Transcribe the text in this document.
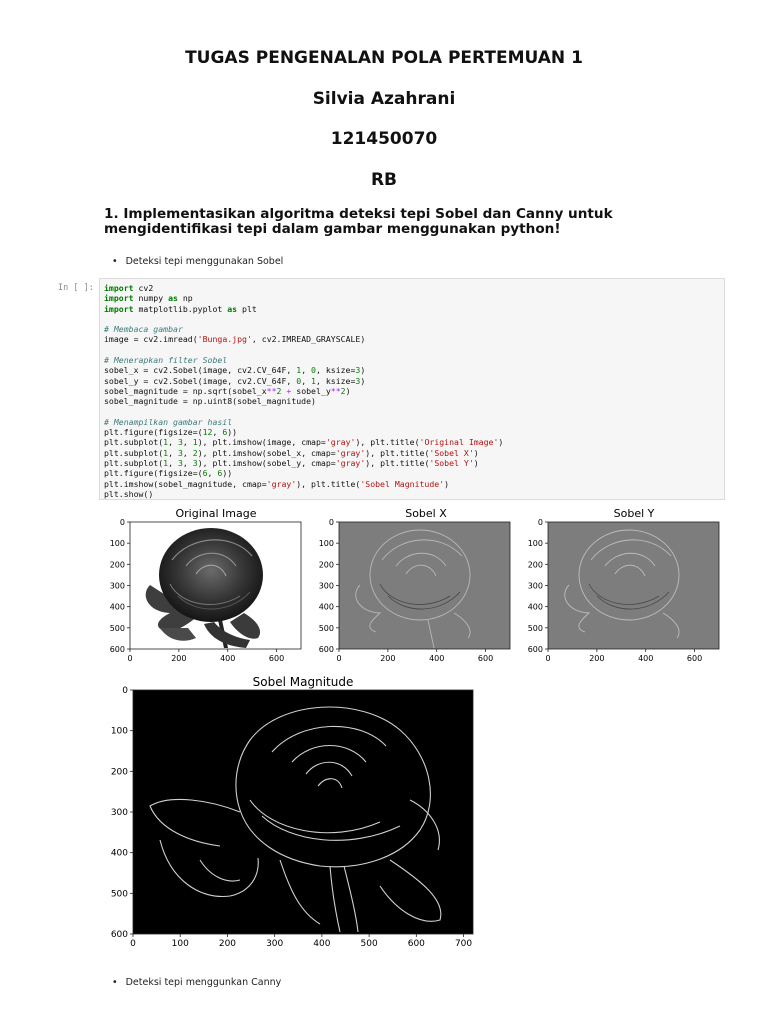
TUGAS PENGENALAN POLA PERTEMUAN 1
Silvia Azahrani
121450070
RB
1. Implementasikan algoritma deteksi tepi Sobel dan Canny untuk mengidentifikasi tepi dalam gambar menggunakan python!
• Deteksi tepi menggunakan Sobel
In [ ]:	import cv2
import numpy as np
import matplotlib.pyplot as plt

# Membaca gambar
image = cv2.imread('Bunga.jpg', cv2.IMREAD_GRAYSCALE)

# Menerapkan filter Sobel
sobel_x = cv2.Sobel(image, cv2.CV_64F, 1, 0, ksize=3)
sobel_y = cv2.Sobel(image, cv2.CV_64F, 0, 1, ksize=3)
sobel_magnitude = np.sqrt(sobel_x**2 + sobel_y**2)
sobel_magnitude = np.uint8(sobel_magnitude)

# Menampilkan gambar hasil
plt.figure(figsize=(12, 6))
plt.subplot(1, 3, 1), plt.imshow(image, cmap='gray'), plt.title('Original Image')
plt.subplot(1, 3, 2), plt.imshow(sobel_x, cmap='gray'), plt.title('Sobel X')
plt.subplot(1, 3, 3), plt.imshow(sobel_y, cmap='gray'), plt.title('Sobel Y')
plt.figure(figsize=(6, 6))
plt.imshow(sobel_magnitude, cmap='gray'), plt.title('Sobel Magnitude')
plt.show()
Original Image	Sobel X	Sobel Y
Sobel Magnitude
0
100
200
300
400
500
600
0	200	400	600
0
100
200
300
400
500
600
0	200	400	600
0
100
200
300
400
500
600
0	200	400	600
0
100
200
300
400
500
600
0	100	200	300	400	500	600	700
• Deteksi tepi menggunkan Canny
